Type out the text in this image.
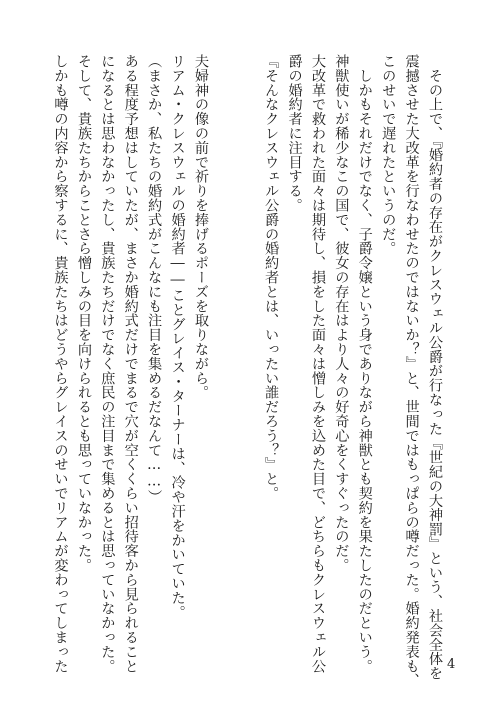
　その上で、『婚約者の存在がクレスウェル公爵が行なった『世紀の大神罰』という、社会全体を
震撼させた大改革を行なわせたのではないか？』と、世間ではもっぱらの噂だった。婚約発表も、
このせいで遅れたというのだ。
　しかもそれだけでなく、子爵令嬢という身でありながら神獣とも契約を果たしたのだという。
神獣使いが稀少なこの国で、彼女の存在はより人々の好奇心をくすぐったのだ。
大改革で救われた面々は期待し、損をした面々は憎しみを込めた目で、どちらもクレスウェル公
爵の婚約者に注目する。
『そんなクレスウェル公爵の婚約者とは、いったい誰だろう？』と。
夫婦神の像の前で祈りを捧げるポーズを取りながら。
リアム・クレスウェルの婚約者――ことグレイス・ターナーは、冷や汗をかいていた。
（まさか、私たちの婚約式がこんなにも注目を集めるだなんて……）
ある程度予想はしていたが、まさか婚約式だけでまるで穴が空くくらい招待客から見られること
になるとは思わなかったし、貴族たちだけでなく庶民の注目まで集めるとは思っていなかった。
そして、貴族たちからことさら憎しみの目を向けられるとも思っていなかった。
しかも噂の内容から察するに、貴族たちはどうやらグレイスのせいでリアムが変わってしまった	4
